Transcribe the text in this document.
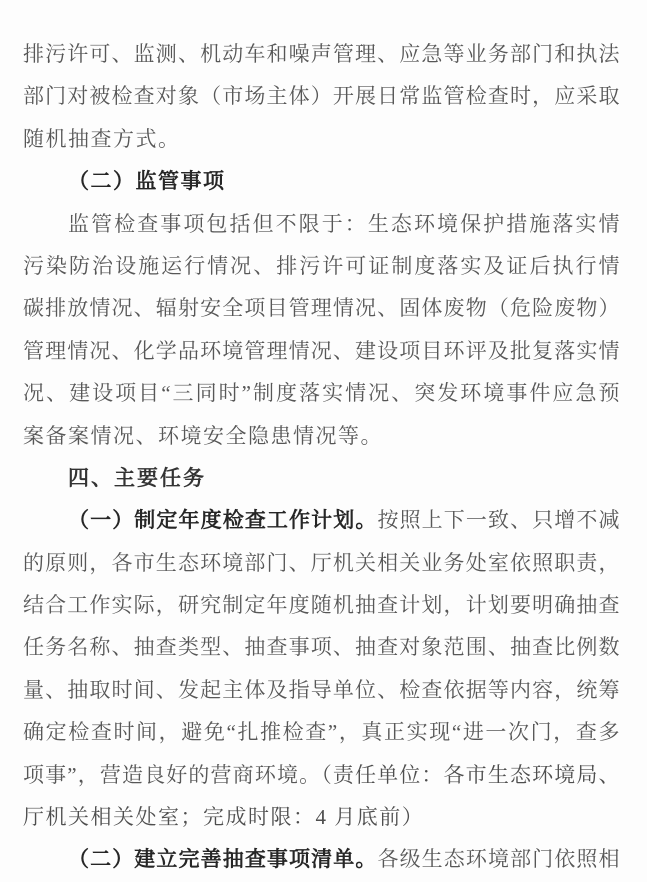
排污许可、监测、机动车和噪声管理、应急等业务部门和执法
部门对被检查对象（市场主体）开展日常监管检查时，应采取
随机抽查方式。
（二）监管事项
监管检查事项包括但不限于：生态环境保护措施落实情
污染防治设施运行情况、排污许可证制度落实及证后执行情
碳排放情况、辐射安全项目管理情况、固体废物（危险废物）
管理情况、化学品环境管理情况、建设项目环评及批复落实情
况、建设项目“三同时”制度落实情况、突发环境事件应急预
案备案情况、环境安全隐患情况等。
四、主要任务
（一）制定年度检查工作计划。按照上下一致、只增不减
的原则，各市生态环境部门、厅机关相关业务处室依照职责，
结合工作实际，研究制定年度随机抽查计划，计划要明确抽查
任务名称、抽查类型、抽查事项、抽查对象范围、抽查比例数
量、抽取时间、发起主体及指导单位、检查依据等内容，统筹
确定检查时间，避免“扎推检查”，真正实现“进一次门，查多
项事”，营造良好的营商环境。（责任单位：各市生态环境局、
厅机关相关处室；完成时限：4 月底前）
（二）建立完善抽查事项清单。各级生态环境部门依照相
